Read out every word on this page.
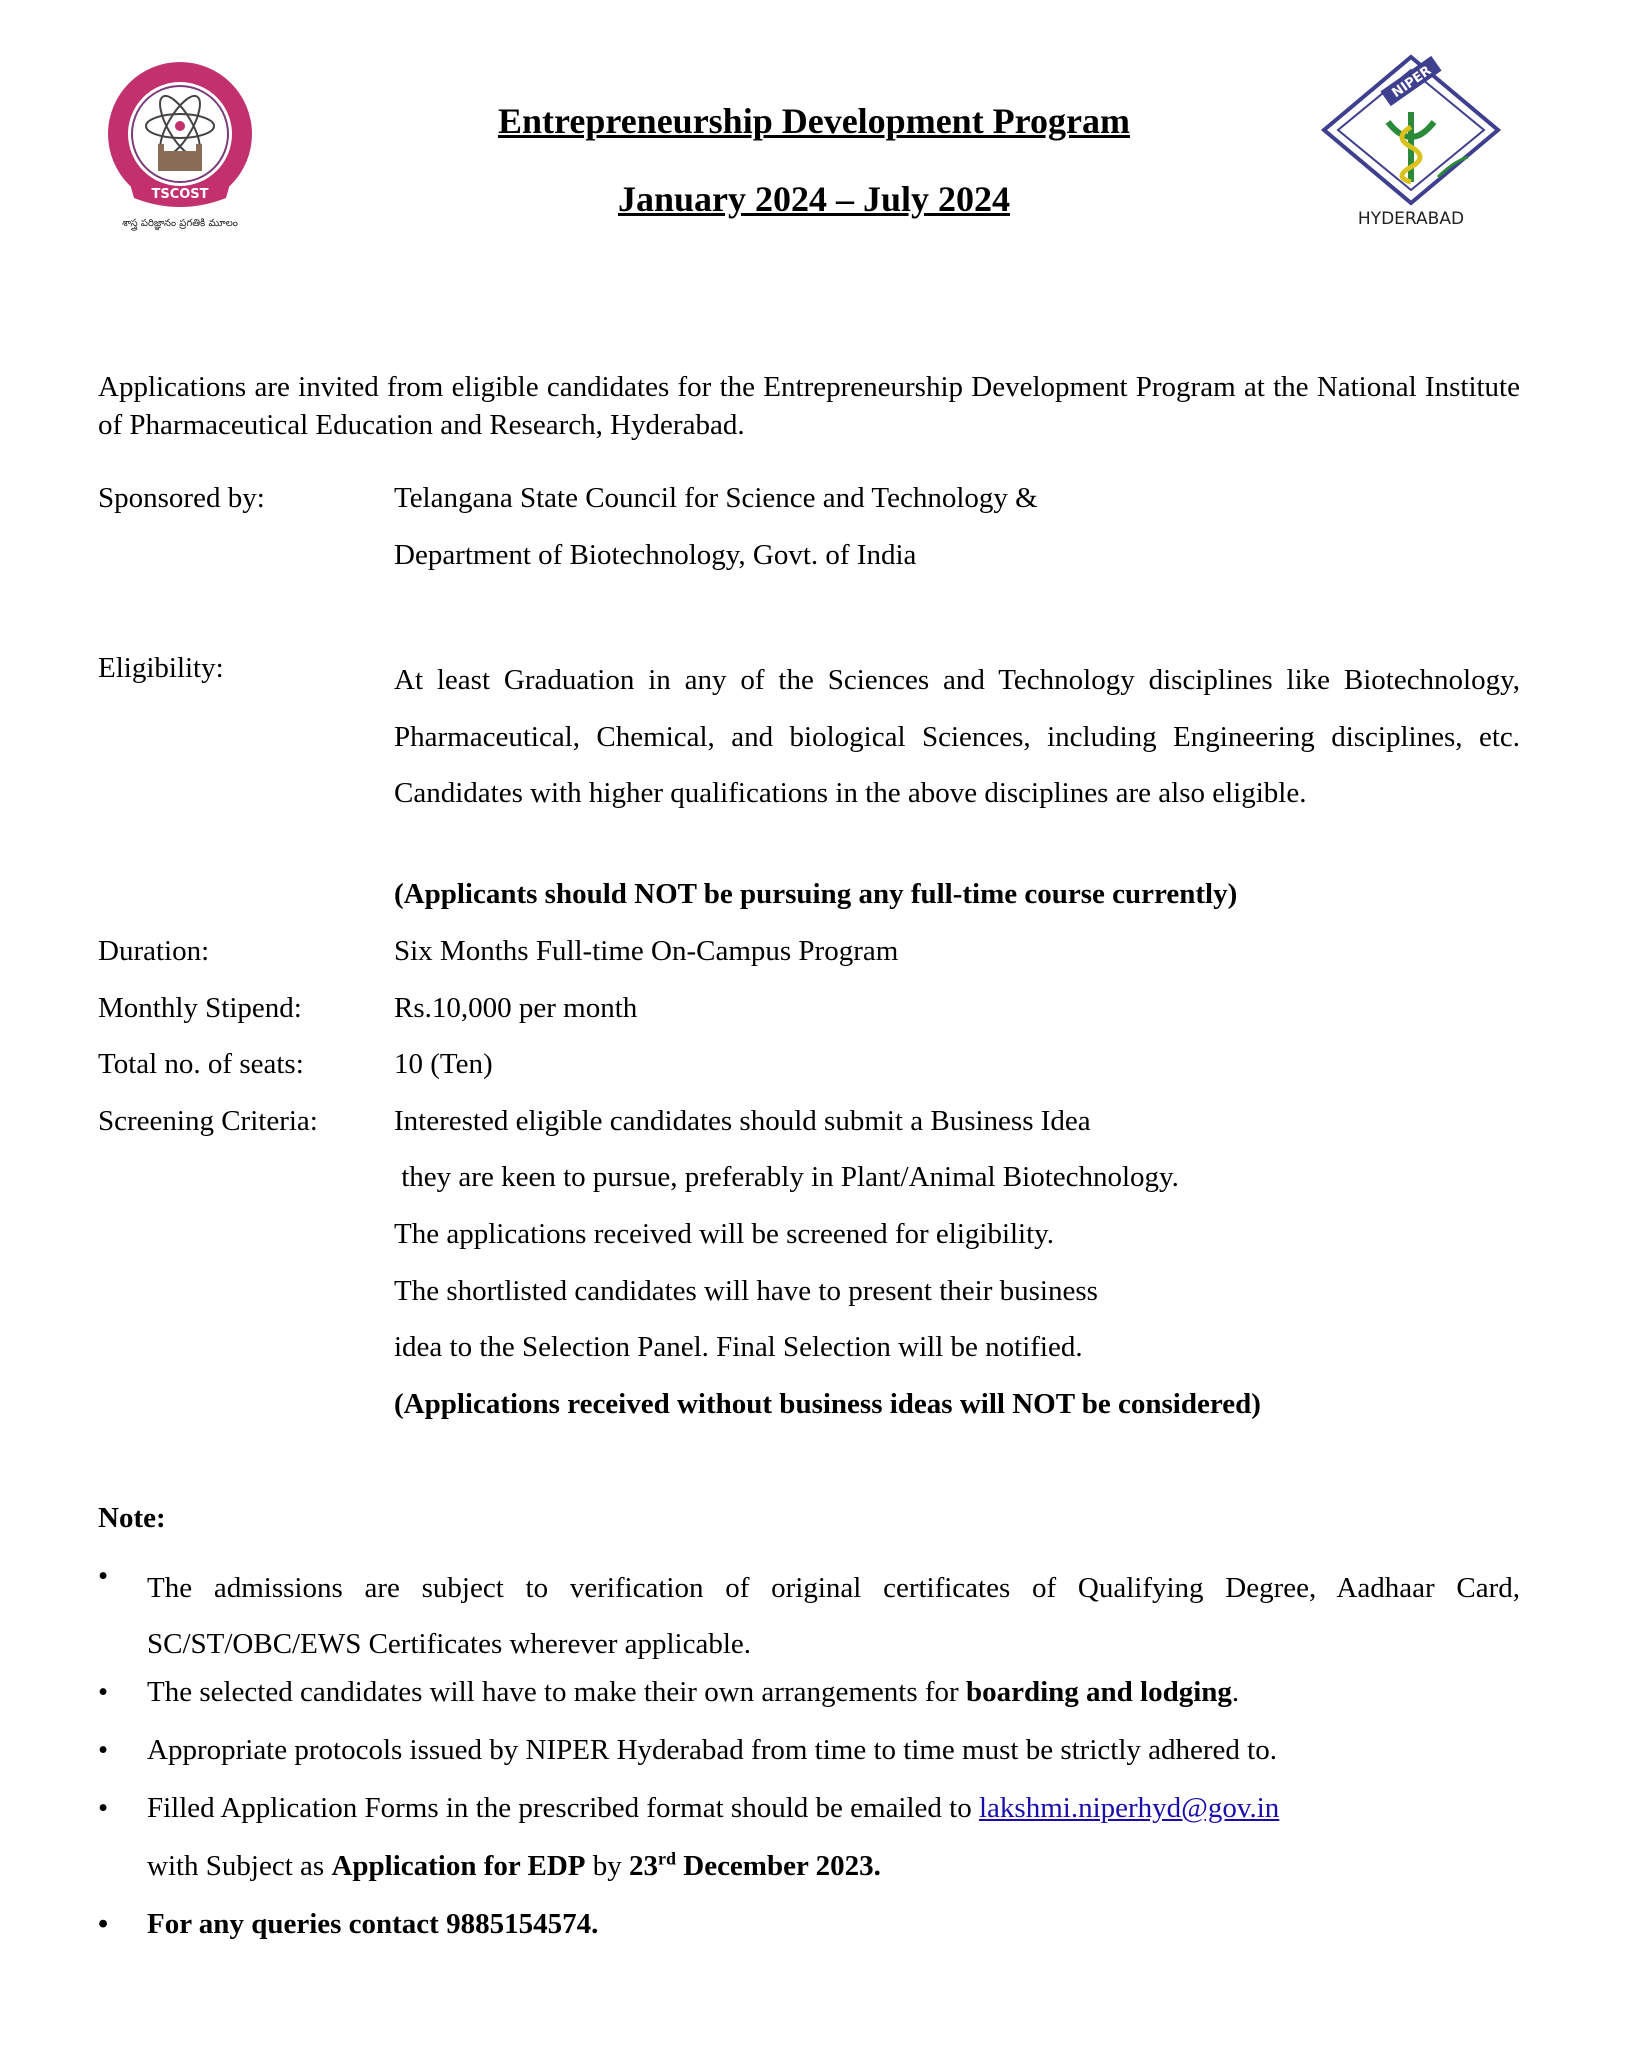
TSCOST
శాస్త్ర పరిజ్ఞానం ప్రగతికి మూలం
NIPER
HYDERABAD
Entrepreneurship Development Program
January 2024 – July 2024
Applications are invited from eligible candidates for the Entrepreneurship Development Program at the National Institute of Pharmaceutical Education and Research, Hyderabad.
Sponsored by:	Telangana State Council for Science and Technology &
Department of Biotechnology, Govt. of India
Eligibility:	At least Graduation in any of the Sciences and Technology disciplines like Biotechnology, Pharmaceutical, Chemical, and biological Sciences, including Engineering disciplines, etc. Candidates with higher qualifications in the above disciplines are also eligible.
(Applicants should NOT be pursuing any full-time course currently)
Duration:	Six Months Full-time On-Campus Program
Monthly Stipend:	Rs.10,000 per month
Total no. of seats:	10 (Ten)
Screening Criteria:	Interested eligible candidates should submit a Business Idea
they are keen to pursue, preferably in Plant/Animal Biotechnology.
The applications received will be screened for eligibility.
The shortlisted candidates will have to present their business
idea to the Selection Panel. Final Selection will be notified.
(Applications received without business ideas will NOT be considered)
Note:
• The admissions are subject to verification of original certificates of Qualifying Degree, Aadhaar Card, SC/ST/OBC/EWS Certificates wherever applicable.
• The selected candidates will have to make their own arrangements for boarding and lodging.
• Appropriate protocols issued by NIPER Hyderabad from time to time must be strictly adhered to.
• Filled Application Forms in the prescribed format should be emailed to lakshmi.niperhyd@gov.in
with Subject as Application for EDP by 23rd December 2023.
• For any queries contact 9885154574.
